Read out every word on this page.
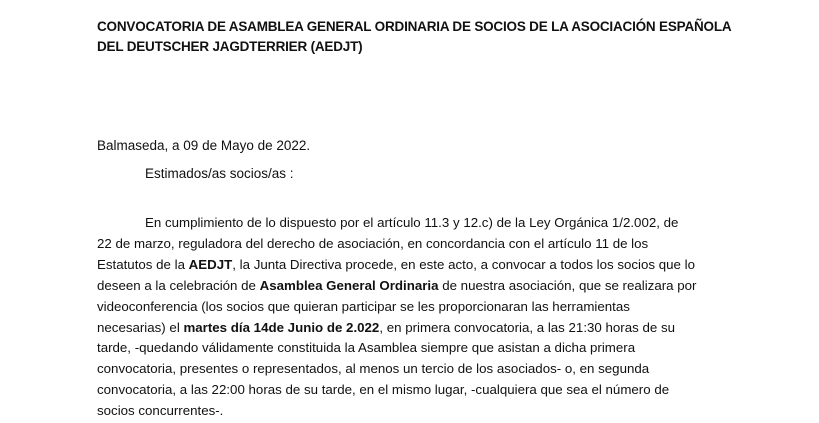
CONVOCATORIA DE ASAMBLEA GENERAL ORDINARIA DE SOCIOS DE LA ASOCIACIÓN ESPAÑOLA
DEL DEUTSCHER JAGDTERRIER (AEDJT)

Balmaseda, a 09 de Mayo de 2022.

Estimados/as socios/as :

En cumplimiento de lo dispuesto por el artículo 11.3 y 12.c) de la Ley Orgánica 1/2.002, de
22 de marzo, reguladora del derecho de asociación, en concordancia con el artículo 11 de los
Estatutos de la AEDJT, la Junta Directiva procede, en este acto, a convocar a todos los socios que lo
deseen a la celebración de Asamblea General Ordinaria de nuestra asociación, que se realizara por
videoconferencia (los socios que quieran participar se les proporcionaran las herramientas
necesarias) el martes día 14de Junio de 2.022, en primera convocatoria, a las 21:30 horas de su
tarde, -quedando válidamente constituida la Asamblea siempre que asistan a dicha primera
convocatoria, presentes o representados, al menos un tercio de los asociados- o, en segunda
convocatoria, a las 22:00 horas de su tarde, en el mismo lugar, -cualquiera que sea el número de
socios concurrentes-.
